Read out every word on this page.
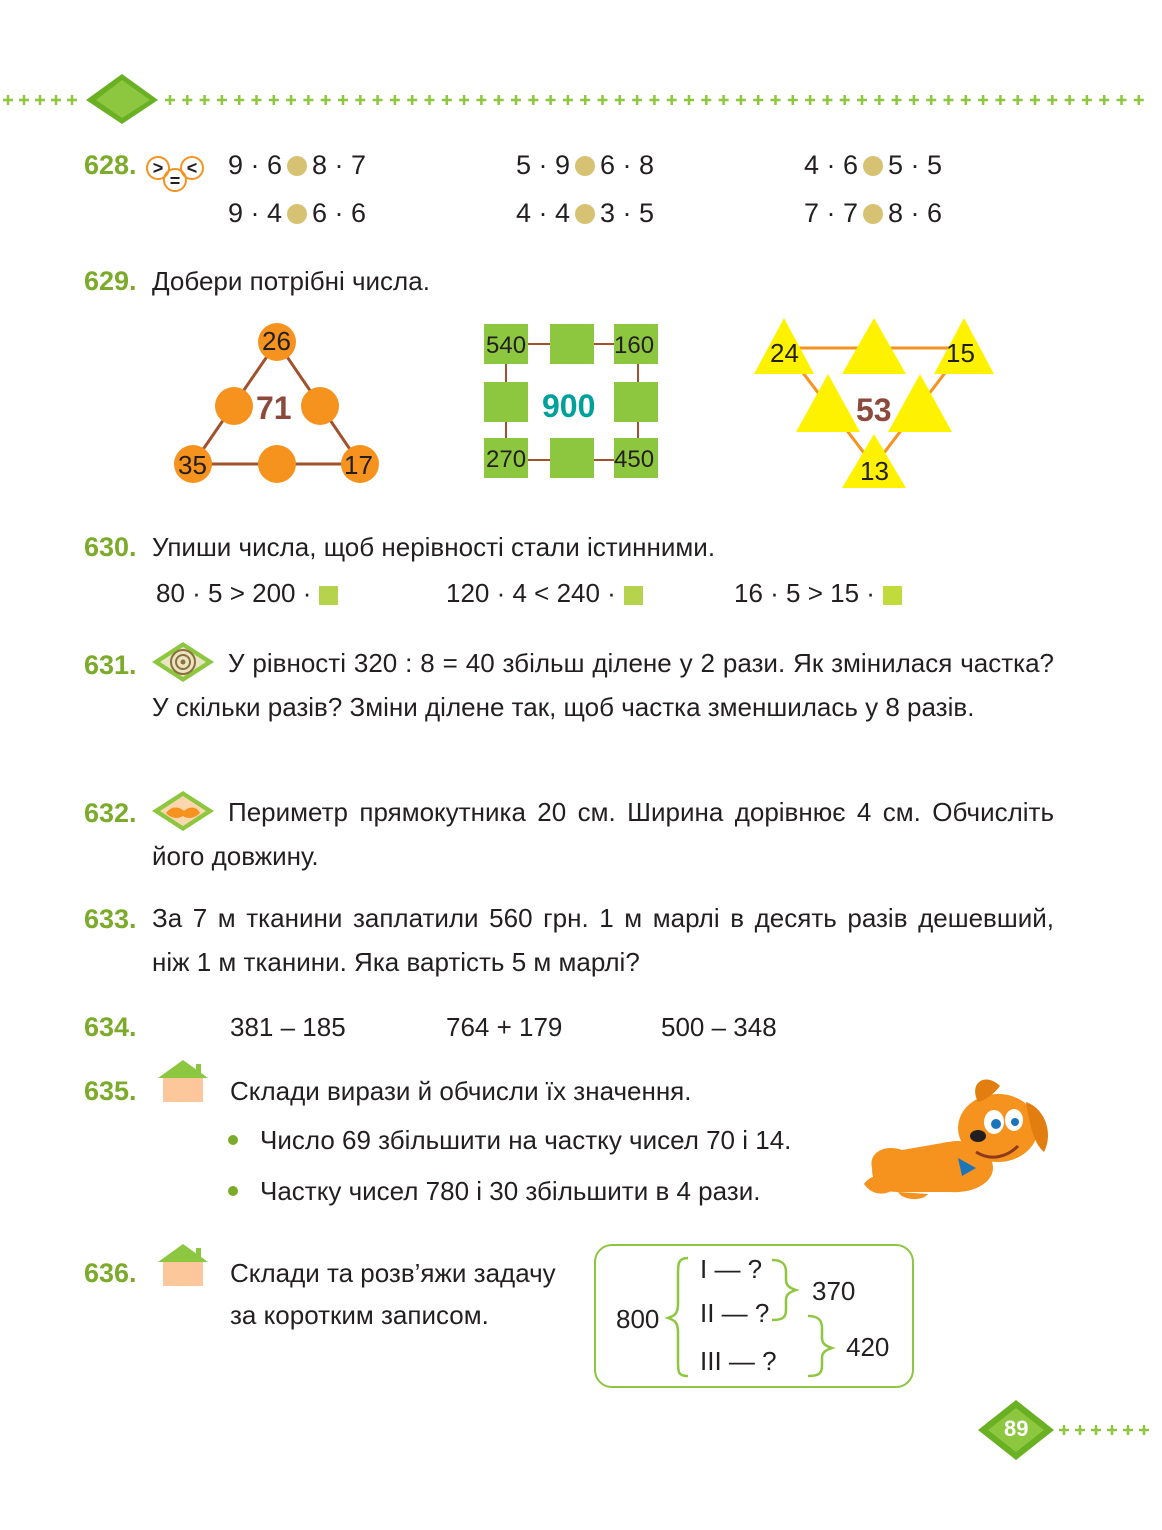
628. > <
=
9 · 6 8 · 7	5 · 9 6 · 8	4 · 6 5 · 5
9 · 4 6 · 6	4 · 4 3 · 5	7 · 7 8 · 6
629. Добери потрібні числа.
26
71
35	17
540	160
900
270	450
24	15
53
13
630. Упиши числа, щоб нерівності стали істинними.
80 · 5 > 200 ·	120 · 4 < 240 ·	16 · 5 > 15 ·
631.	У рівності 320 : 8 = 40 збільш ділене у 2 рази. Як змінилася частка? У скільки разів? Зміни ділене так, щоб частка зменшилась у 8 разів.
632.	Периметр прямокутника 20 см. Ширина дорівнює 4 см. Обчисліть його довжину.
633. За 7 м тканини заплатили 560 грн. 1 м марлі в десять разів дешевший, ніж 1 м тканини. Яка вартість 5 м марлі?
634.	381 – 185	764 + 179	500 – 348
635.	Склади вирази й обчисли їх значення.
Число 69 збільшити на частку чисел 70 і 14.
Частку чисел 780 і 30 збільшити в 4 рази.
636.	Склади та розв’яжи задачу
за коротким записом.	800
I — ?
II — ?
III — ?
370
420
89
